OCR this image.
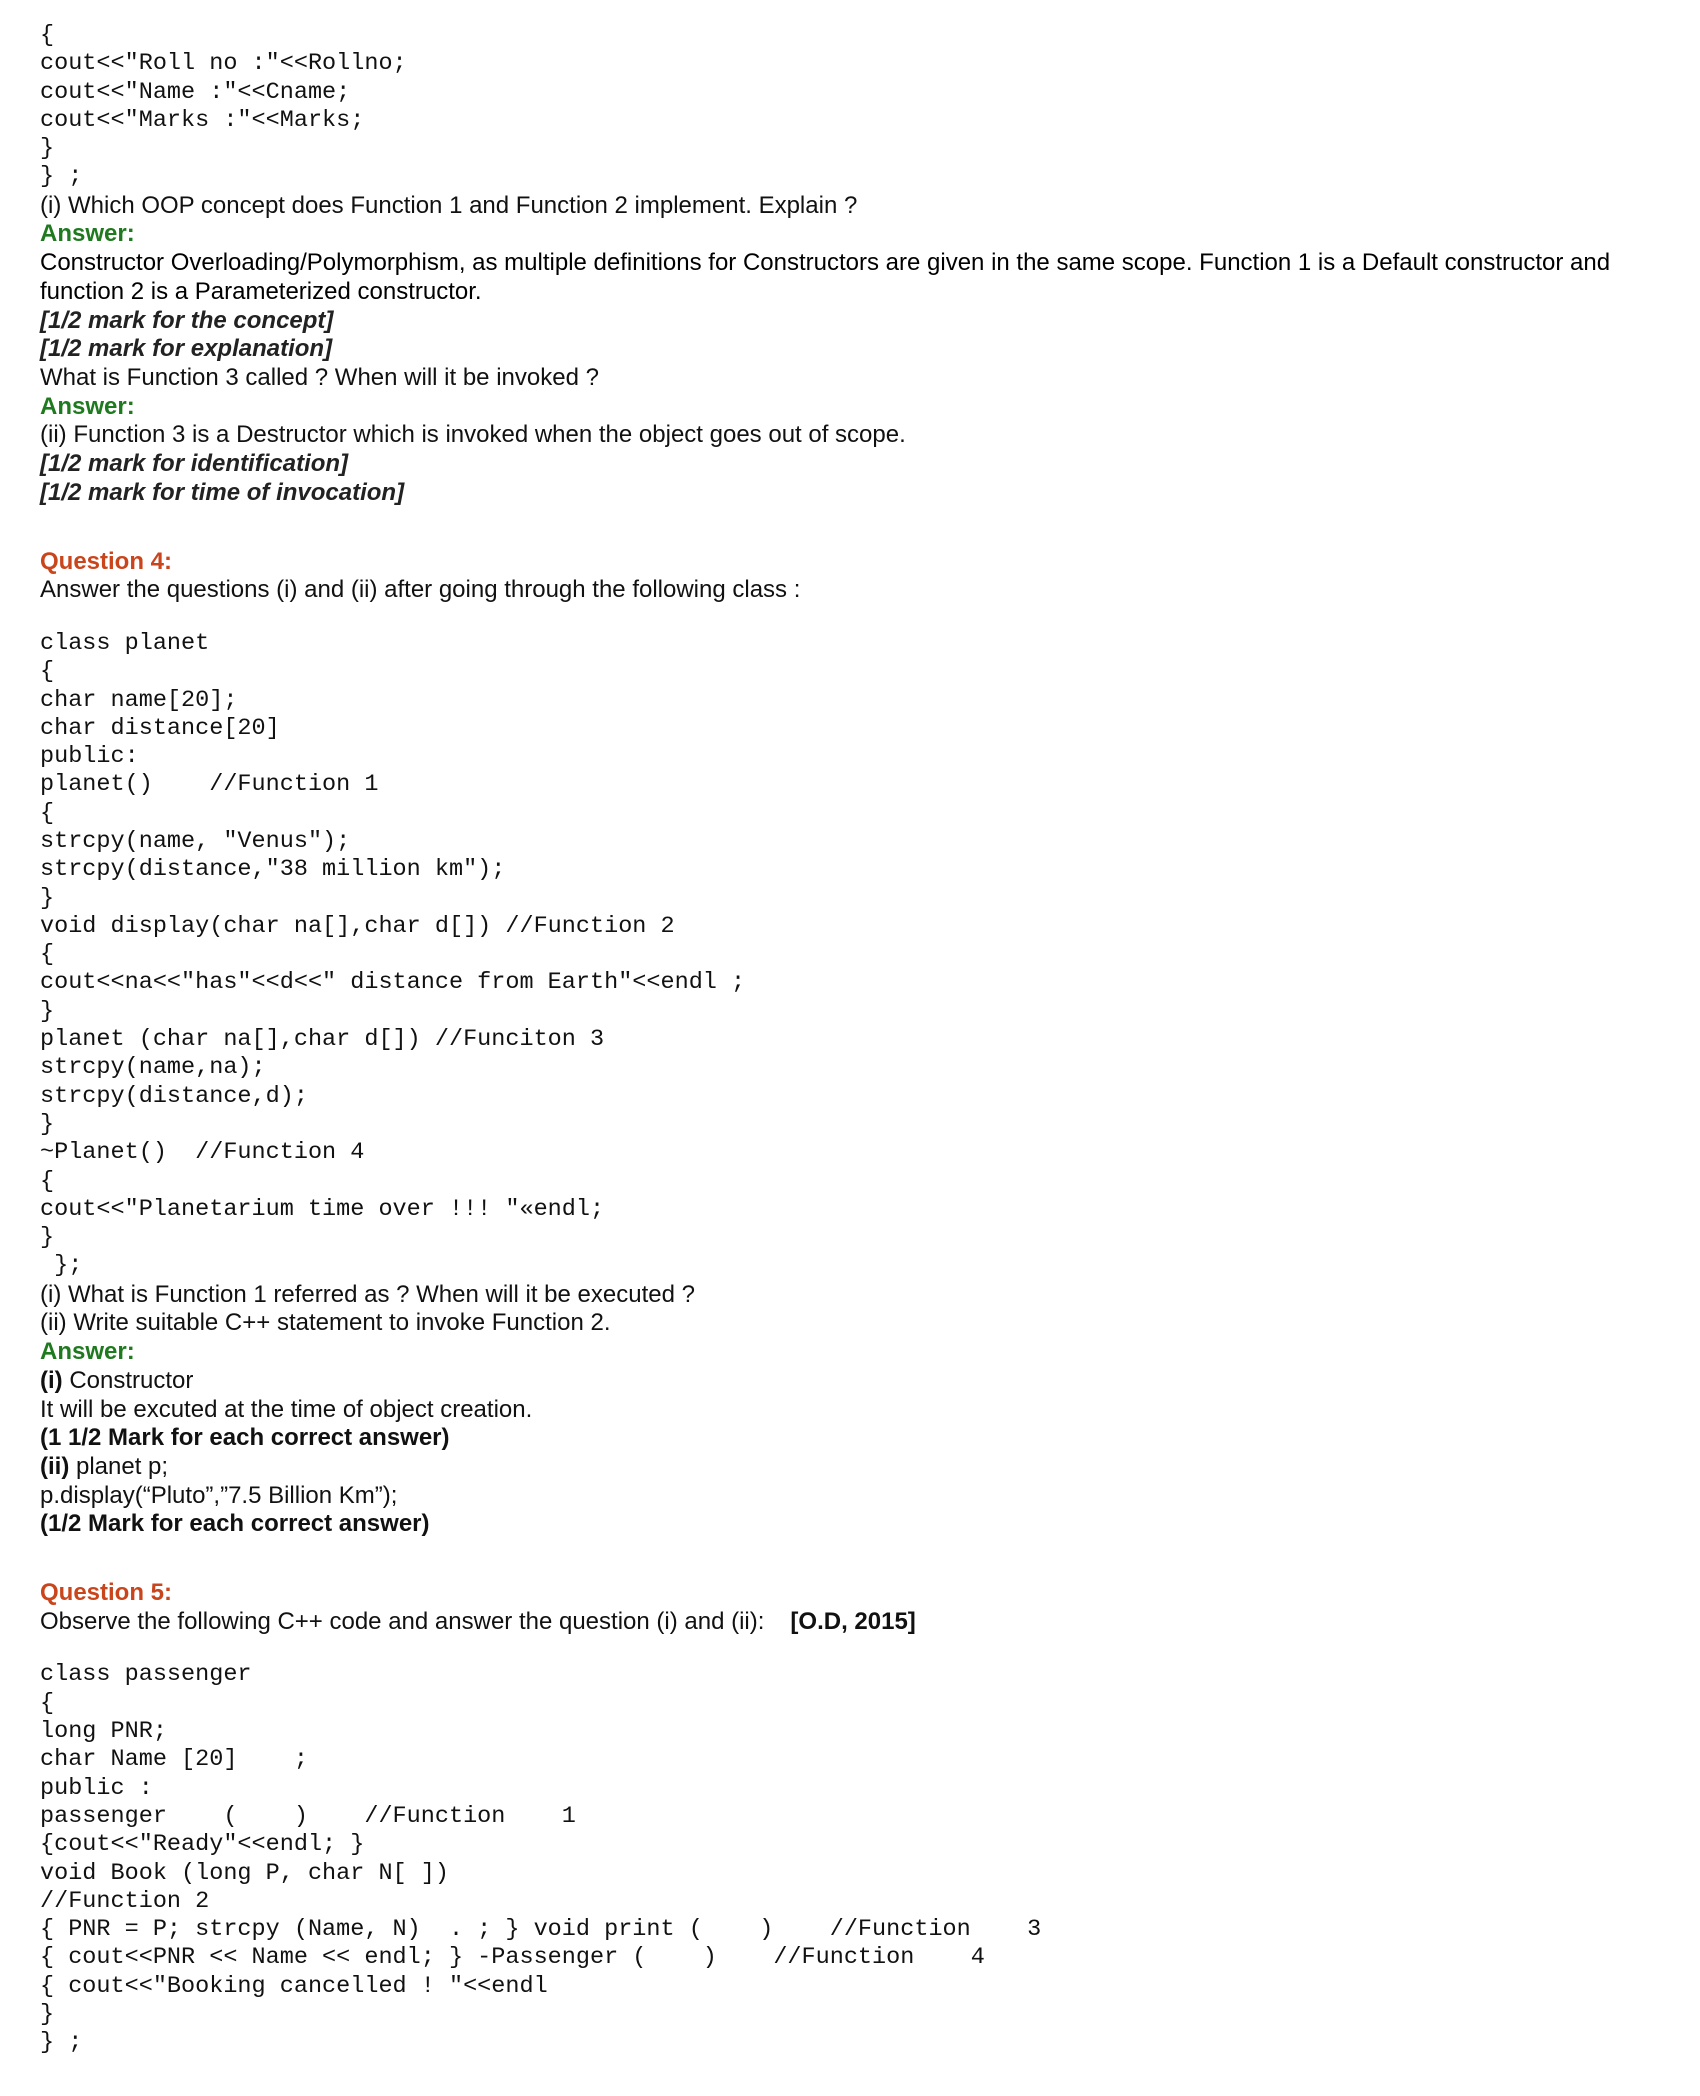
{
cout<<"Roll no :"<<Rollno;
cout<<"Name :"<<Cname;
cout<<"Marks :"<<Marks;
}
} ;
(i) Which OOP concept does Function 1 and Function 2 implement. Explain ?
Answer:
Constructor Overloading/Polymorphism, as multiple definitions for Constructors are given in the same scope. Function 1 is a Default constructor and function 2 is a Parameterized constructor.
[1/2 mark for the concept]
[1/2 mark for explanation]
What is Function 3 called ? When will it be invoked ?
Answer:
(ii) Function 3 is a Destructor which is invoked when the object goes out of scope.
[1/2 mark for identification]
[1/2 mark for time of invocation]
Question 4:
Answer the questions (i) and (ii) after going through the following class :
class planet
{
char name[20];
char distance[20]
public:
planet()    //Function 1
{
strcpy(name, "Venus");
strcpy(distance,"38 million km");
}
void display(char na[],char d[]) //Function 2
{
cout<<na<<"has"<<d<<" distance from Earth"<<endl ;
}
planet (char na[],char d[]) //Funciton 3
strcpy(name,na);
strcpy(distance,d);
}
~Planet()  //Function 4
{
cout<<"Planetarium time over !!! "«endl;
}
};
(i) What is Function 1 referred as ? When will it be executed ?
(ii) Write suitable C++ statement to invoke Function 2.
Answer:
(i) Constructor
It will be excuted at the time of object creation.
(1 1/2 Mark for each correct answer)
(ii) planet p;
p.display(“Pluto”,”7.5 Billion Km”);
(1/2 Mark for each correct answer)
Question 5:
Observe the following C++ code and answer the question (i) and (ii): [O.D, 2015]
class passenger
{
long PNR;
char Name [20]    ;
public :
passenger    (    )    //Function    1
{cout<<"Ready"<<endl; }
void Book (long P, char N[ ])
//Function 2
{ PNR = P; strcpy (Name, N)  . ; } void print (    )    //Function    3
{ cout<<PNR << Name << endl; } -Passenger (    )    //Function    4
{ cout<<"Booking cancelled ! "<<endl
}
} ;
